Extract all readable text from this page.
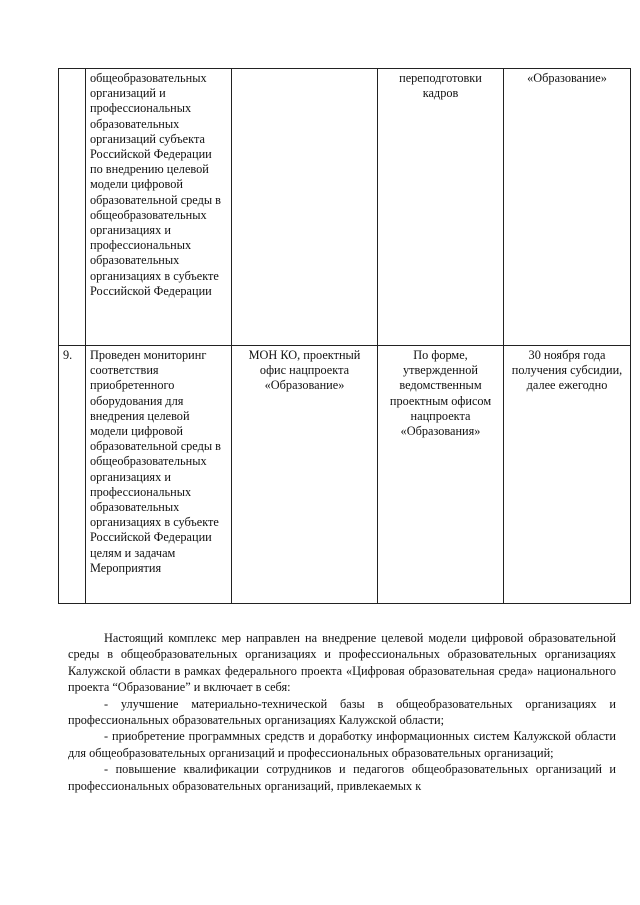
	общеобразовательных организаций и профессиональных образовательных организаций субъекта Российской Федерации по внедрению целевой модели цифровой образовательной среды в общеобразовательных организациях и профессиональных образовательных организациях в субъекте Российской Федерации		переподготовки кадров	«Образование»
9.	Проведен мониторинг соответствия приобретенного оборудования для внедрения целевой модели цифровой образовательной среды в общеобразовательных организациях и профессиональных образовательных организациях в субъекте Российской Федерации целям и задачам Мероприятия	МОН КО, проектный офис нацпроекта «Образование»	По форме, утвержденной ведомственным проектным офисом нацпроекта «Образования»	30 ноября года получения субсидии, далее ежегодно

Настоящий комплекс мер направлен на внедрение целевой модели цифровой образовательной среды в общеобразовательных организациях и профессиональных образовательных организациях Калужской области в рамках федерального проекта «Цифровая образовательная среда» национального проекта “Образование” и включает в себя:

- улучшение материально-технической базы в общеобразовательных организациях и профессиональных образовательных организациях Калужской области;

- приобретение программных средств и доработку информационных систем Калужской области для общеобразовательных организаций и профессиональных образовательных организаций;

- повышение квалификации сотрудников и педагогов общеобразовательных организаций и профессиональных образовательных организаций, привлекаемых к
